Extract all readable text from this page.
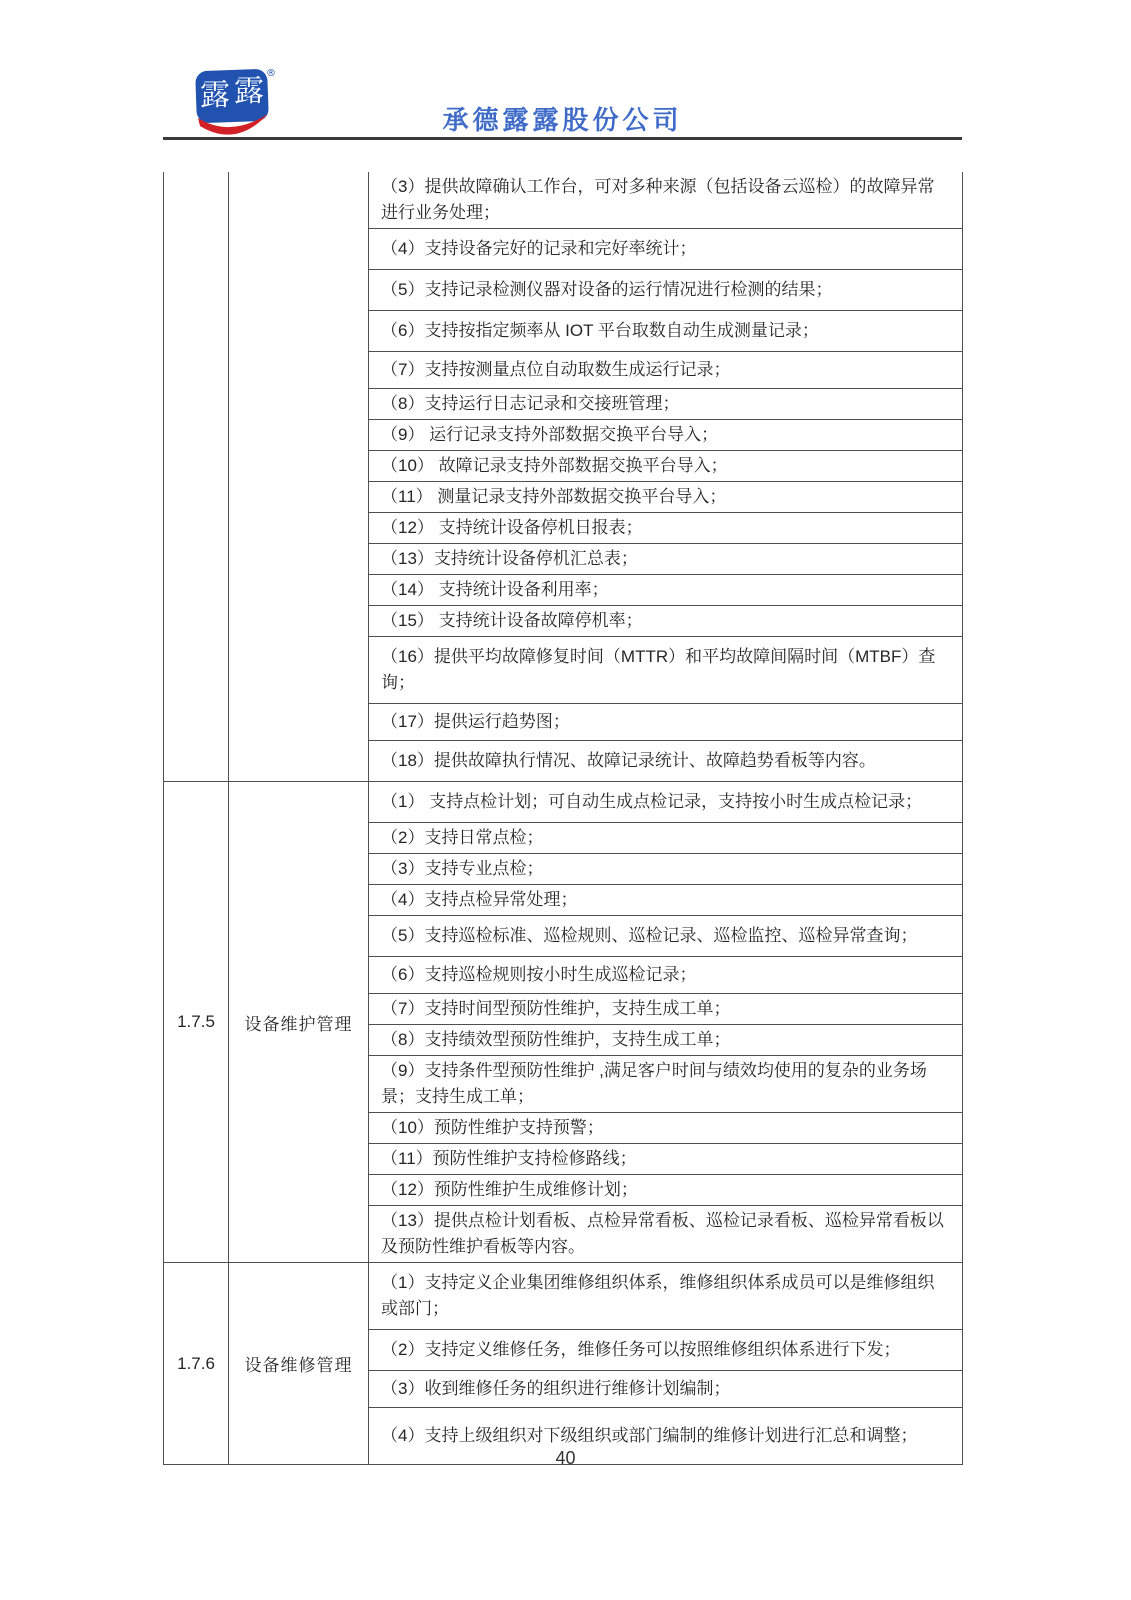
露 露
®
承德露露股份公司
		（3）提供故障确认工作台，可对多种来源（包括设备云巡检）的故障异常进行业务处理；
		（4）支持设备完好的记录和完好率统计；
		（5）支持记录检测仪器对设备的运行情况进行检测的结果；
		（6）支持按指定频率从 IOT 平台取数自动生成测量记录；
		（7）支持按测量点位自动取数生成运行记录；
		（8）支持运行日志记录和交接班管理；
		（9） 运行记录支持外部数据交换平台导入；
		（10） 故障记录支持外部数据交换平台导入；
		（11） 测量记录支持外部数据交换平台导入；
		（12） 支持统计设备停机日报表；
		（13）支持统计设备停机汇总表；
		（14） 支持统计设备利用率；
		（15） 支持统计设备故障停机率；
		（16）提供平均故障修复时间（MTTR）和平均故障间隔时间（MTBF）查询；
		（17）提供运行趋势图；
		（18）提供故障执行情况、故障记录统计、故障趋势看板等内容。
1.7.5	设备维护管理	（1） 支持点检计划；可自动生成点检记录，支持按小时生成点检记录；
		（2）支持日常点检；
		（3）支持专业点检；
		（4）支持点检异常处理；
		（5）支持巡检标准、巡检规则、巡检记录、巡检监控、巡检异常查询；
		（6）支持巡检规则按小时生成巡检记录；
		（7）支持时间型预防性维护，支持生成工单；
		（8）支持绩效型预防性维护，支持生成工单；
		（9）支持条件型预防性维护 ,满足客户时间与绩效均使用的复杂的业务场景；支持生成工单；
		（10）预防性维护支持预警；
		（11）预防性维护支持检修路线；
		（12）预防性维护生成维修计划；
		（13）提供点检计划看板、点检异常看板、巡检记录看板、巡检异常看板以及预防性维护看板等内容。
1.7.6	设备维修管理	（1）支持定义企业集团维修组织体系，维修组织体系成员可以是维修组织或部门；
		（2）支持定义维修任务，维修任务可以按照维修组织体系进行下发；
		（3）收到维修任务的组织进行维修计划编制；
		（4）支持上级组织对下级组织或部门编制的维修计划进行汇总和调整；
40
